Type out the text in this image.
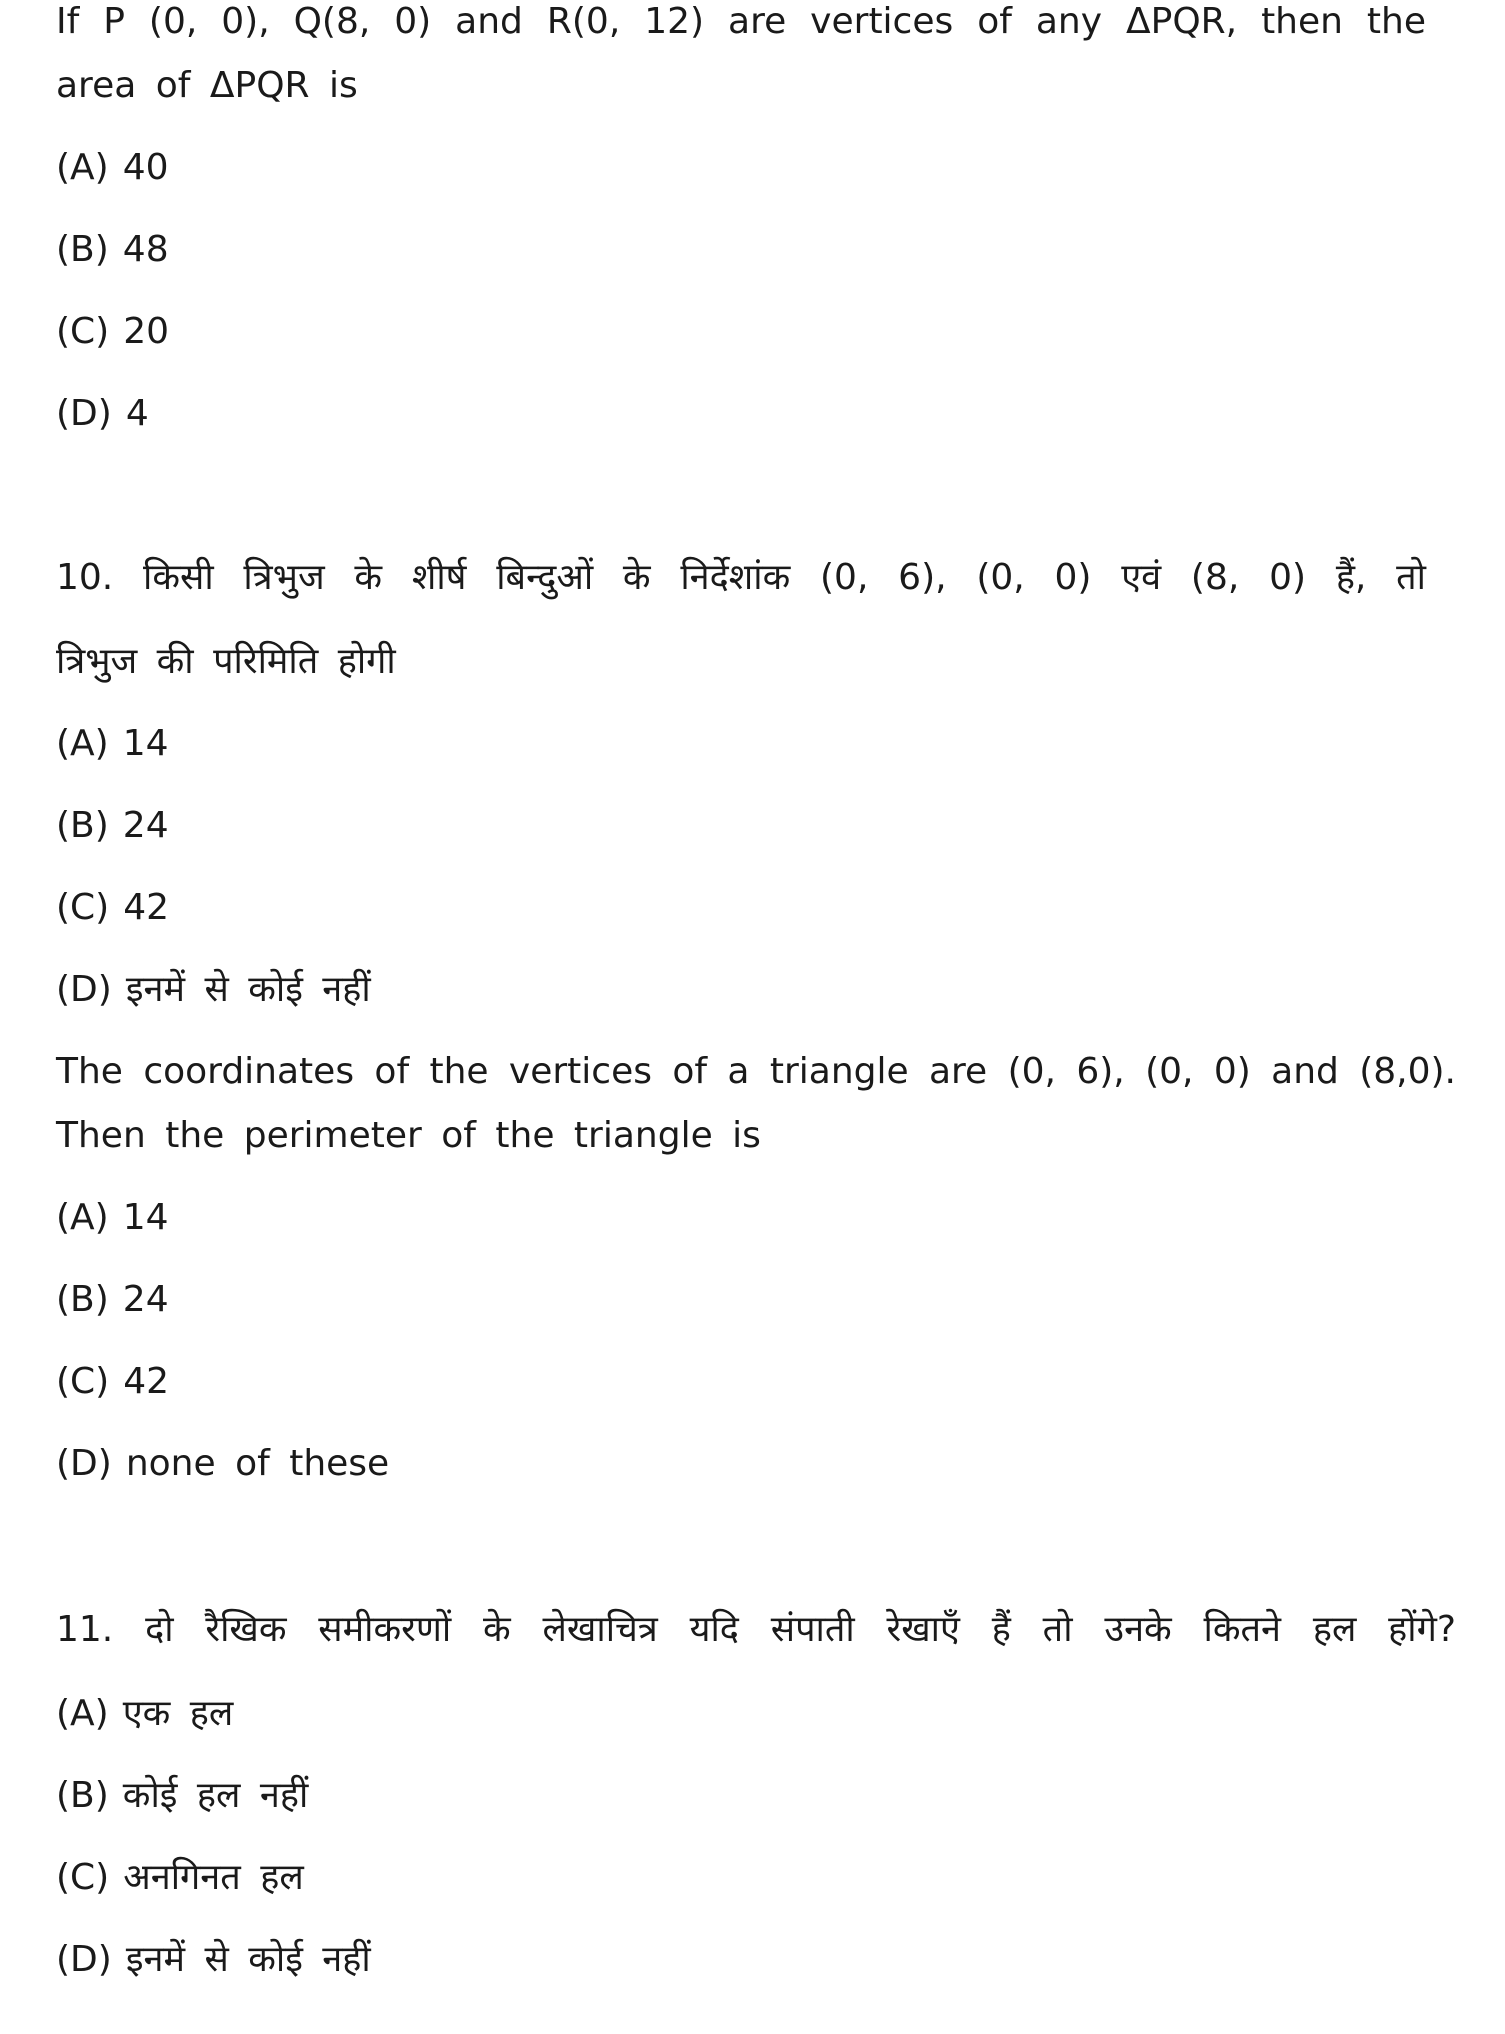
If P (0, 0), Q(8, 0) and R(0, 12) are vertices of any ΔPQR, then the
area of ΔPQR is
(A) 40
(B) 48
(C) 20
(D) 4
10. किसी त्रिभुज के शीर्ष बिन्दुओं के निर्देशांक (0, 6), (0, 0) एवं (8, 0) हैं, तो
त्रिभुज की परिमिति होगी
(A) 14
(B) 24
(C) 42
(D) इनमें से कोई नहीं
The coordinates of the vertices of a triangle are (0, 6), (0, 0) and (8,0).
Then the perimeter of the triangle is
(A) 14
(B) 24
(C) 42
(D) none of these
11. दो रैखिक समीकरणों के लेखाचित्र यदि संपाती रेखाएँ हैं तो उनके कितने हल होंगे?
(A) एक हल
(B) कोई हल नहीं
(C) अनगिनत हल
(D) इनमें से कोई नहीं
